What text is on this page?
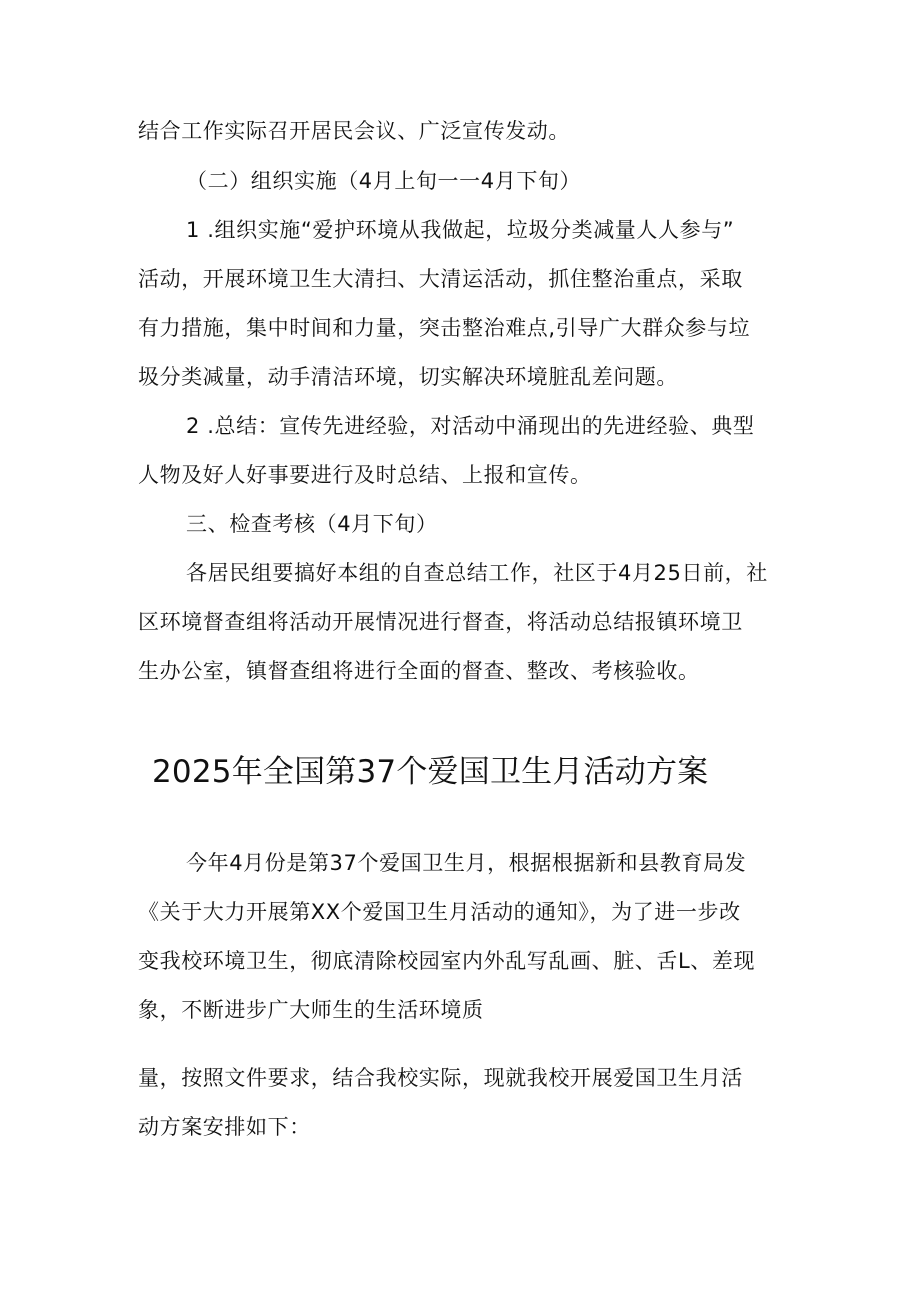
结合工作实际召开居民会议、广泛宣传发动。
（二）组织实施（4月上旬一一4月下旬）
1 .组织实施“爱护环境从我做起，垃圾分类减量人人参与”
活动，开展环境卫生大清扫、大清运活动，抓住整治重点，采取
有力措施，集中时间和力量，突击整治难点,引导广大群众参与垃
圾分类减量，动手清洁环境，切实解决环境脏乱差问题。
2 .总结：宣传先进经验，对活动中涌现出的先进经验、典型
人物及好人好事要进行及时总结、上报和宣传。
三、检查考核（4月下旬）
各居民组要搞好本组的自查总结工作，社区于4月25日前，社
区环境督查组将活动开展情况进行督查，将活动总结报镇环境卫
生办公室，镇督查组将进行全面的督查、整改、考核验收。
2025年全国第37个爱国卫生月活动方案
今年4月份是第37个爱国卫生月，根据根据新和县教育局发
《关于大力开展第XX个爱国卫生月活动的通知》，为了进一步改
变我校环境卫生，彻底清除校园室内外乱写乱画、脏、舌L、差现
象，不断进步广大师生的生活环境质
量，按照文件要求，结合我校实际，现就我校开展爱国卫生月活
动方案安排如下：
